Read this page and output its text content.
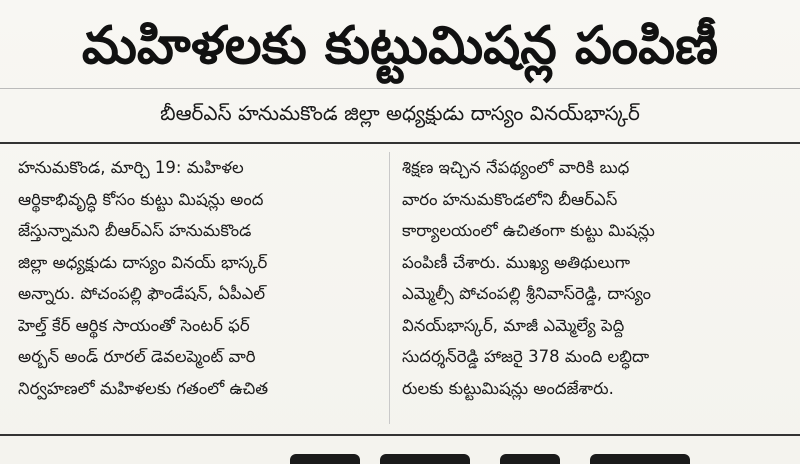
మహిళలకు కుట్టుమిషన్ల పంపిణీ
బీఆర్ఎస్ హనుమకొండ జిల్లా అధ్యక్షుడు దాస్యం వినయ్‌భాస్కర్
హనుమకొండ, మార్చి 19: మహిళల
ఆర్థికాభివృద్ధి కోసం కుట్టు మిషన్లు అంద
జేస్తున్నామని బీఆర్ఎస్ హనుమకొండ
జిల్లా అధ్యక్షుడు దాస్యం వినయ్ భాస్కర్
అన్నారు. పోచంపల్లి ఫౌండేషన్, ఏపీఎల్
హెల్త్ కేర్ ఆర్థిక సాయంతో సెంటర్ ఫర్
అర్బన్ అండ్ రూరల్ డెవలప్మెంట్ వారి
నిర్వహణలో మహిళలకు గతంలో ఉచిత
శిక్షణ ఇచ్చిన నేపథ్యంలో వారికి బుధ
వారం హనుమకొండలోని బీఆర్ఎస్
కార్యాలయంలో ఉచితంగా కుట్టు మిషన్లు
పంపిణీ చేశారు. ముఖ్య అతిథులుగా
ఎమ్మెల్సీ పోచంపల్లి శ్రీనివాస్‌రెడ్డి, దాస్యం
వినయ్‌భాస్కర్, మాజీ ఎమ్మెల్యే పెద్ది
సుదర్శన్‌రెడ్డి హాజరై 378 మంది లబ్ధిదా
రులకు కుట్టుమిషన్లు అందజేశారు.
